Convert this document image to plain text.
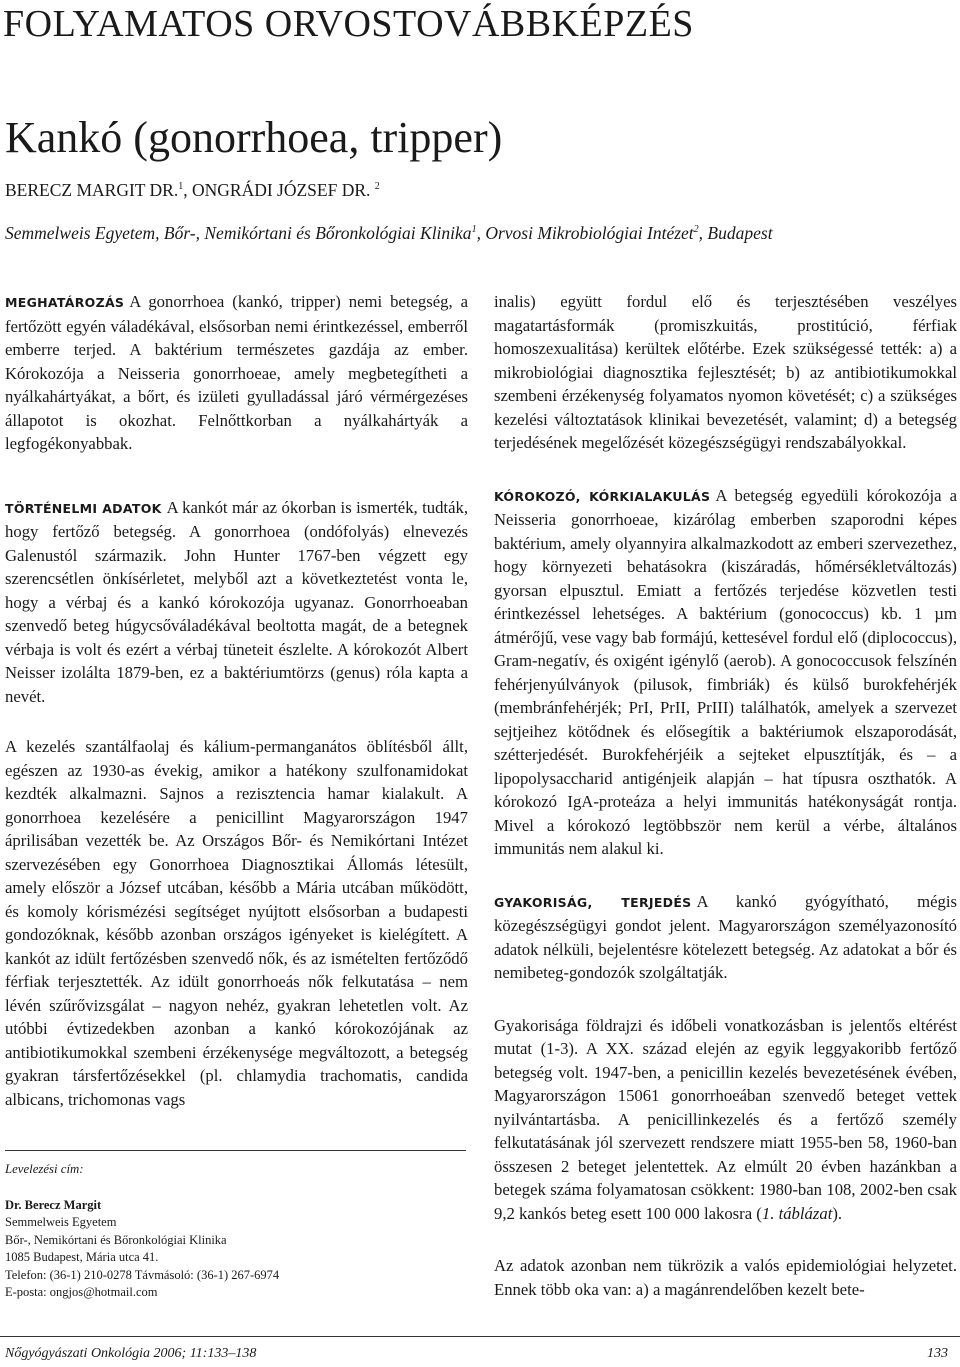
FOLYAMATOS ORVOSTOVÁBBKÉPZÉS
Kankó (gonorrhoea, tripper)
BERECZ MARGIT DR.$^1$, ONGRÁDI JÓZSEF DR. $^2$
Semmelweis Egyetem, Bőr-, Nemikórtani és Bőronkológiai Klinika$^1$, Orvosi Mikrobiológiai Intézet$^2$, Budapest

MEGHATÁROZÁS A gonorrhoea (kankó, tripper) nemi betegség, a fertőzött egyén váladékával, elsősorban nemi érintkezéssel, emberről emberre terjed. A baktérium természetes gazdája az ember. Kórokozója a Neisseria gonorrhoeae, amely megbetegítheti a nyálkahártyákat, a bőrt, és izületi gyulladással járó vérmérgezéses állapotot is okozhat. Felnőttkorban a nyálkahártyák a legfogékonyabbak.

TÖRTÉNELMI ADATOK A kankót már az ókorban is ismerték, tudták, hogy fertőző betegség. A gonorrhoea (ondófolyás) elnevezés Galenustól származik. John Hunter 1767-ben végzett egy szerencsétlen önkísérletet, melyből azt a következtetést vonta le, hogy a vérbaj és a kankó kórokozója ugyanaz. Gonorrhoeaban szenvedő beteg húgycsőváladékával beoltotta magát, de a betegnek vérbaja is volt és ezért a vérbaj tüneteit észlelte. A kórokozót Albert Neisser izolálta 1879-ben, ez a baktériumtörzs (genus) róla kapta a nevét.

A kezelés szantálfaolaj és kálium-permanganátos öblítésből állt, egészen az 1930-as évekig, amikor a hatékony szulfonamidokat kezdték alkalmazni. Sajnos a rezisztencia hamar kialakult. A gonorrhoea kezelésére a penicillint Magyarországon 1947 áprilisában vezették be. Az Országos Bőr- és Nemikórtani Intézet szervezésében egy Gonorrhoea Diagnosztikai Állomás létesült, amely először a József utcában, később a Mária utcában működött, és komoly kórismézési segítséget nyújtott elsősorban a budapesti gondozóknak, később azonban országos igényeket is kielégített. A kankót az idült fertőzésben szenvedő nők, és az ismételten fertőződő férfiak terjesztették. Az idült gonorrhoeás nők felkutatása – nem lévén szűrővizsgálat – nagyon nehéz, gyakran lehetetlen volt. Az utóbbi évtizedekben azonban a kankó kórokozójának az antibiotikumokkal szembeni érzékenysége megváltozott, a betegség gyakran társfertőzésekkel (pl. chlamydia trachomatis, candida albicans, trichomonas vags

Levelezési cím:
Dr. Berecz Margit
Semmelweis Egyetem
Bőr-, Nemikórtani és Bőronkológiai Klinika
1085 Budapest, Mária utca 41.
Telefon: (36-1) 210-0278 Távmásoló: (36-1) 267-6974
E-posta: ongjos@hotmail.com

inalis) együtt fordul elő és terjesztésében veszélyes magatartásformák (promiszkuitás, prostitúció, férfiak homoszexualitása) kerültek előtérbe. Ezek szükségessé tették: a) a mikrobiológiai diagnosztika fejlesztését; b) az antibiotikumokkal szembeni érzékenység folyamatos nyomon követését; c) a szükséges kezelési változtatások klinikai bevezetését, valamint; d) a betegség terjedésének megelőzését közegészségügyi rendszabályokkal.

KÓROKOZÓ, KÓRKIALAKULÁS A betegség egyedüli kórokozója a Neisseria gonorrhoeae, kizárólag emberben szaporodni képes baktérium, amely olyannyira alkalmazkodott az emberi szervezethez, hogy környezeti behatásokra (kiszáradás, hőmérsékletváltozás) gyorsan elpusztul. Emiatt a fertőzés terjedése közvetlen testi érintkezéssel lehetséges. A baktérium (gonococcus) kb. 1 µm átmérőjű, vese vagy bab formájú, kettesével fordul elő (diplococcus), Gram-negatív, és oxigént igénylő (aerob). A gonococcusok felszínén fehérjenyúlványok (pilusok, fimbriák) és külső burokfehérjék (membránfehérjék; PrI, PrII, PrIII) találhatók, amelyek a szervezet sejtjeihez kötődnek és elősegítik a baktériumok elszaporodását, szétterjedését. Burokfehérjéik a sejteket elpusztítják, és – a lipopolysaccharid antigénjeik alapján – hat típusra oszthatók. A kórokozó IgA-proteáza a helyi immunitás hatékonyságát rontja. Mivel a kórokozó legtöbbször nem kerül a vérbe, általános immunitás nem alakul ki.

GYAKORISÁG, TERJEDÉS A kankó gyógyítható, mégis közegészségügyi gondot jelent. Magyarországon személyazonosító adatok nélküli, bejelentésre kötelezett betegség. Az adatokat a bőr és nemibeteg-gondozók szolgáltatják.

Gyakorisága földrajzi és időbeli vonatkozásban is jelentős eltérést mutat (1-3). A XX. század elején az egyik leggyakoribb fertőző betegség volt. 1947-ben, a penicillin kezelés bevezetésének évében, Magyarországon 15061 gonorrhoeában szenvedő beteget vettek nyilvántartásba. A penicillinkezelés és a fertőző személy felkutatásának jól szervezett rendszere miatt 1955-ben 58, 1960-ban összesen 2 beteget jelentettek. Az elmúlt 20 évben hazánkban a betegek száma folyamatosan csökkent: 1980-ban 108, 2002-ben csak 9,2 kankós beteg esett 100 000 lakosra (1. táblázat).

Az adatok azonban nem tükrözik a valós epidemiológiai helyzetet. Ennek több oka van: a) a magánrendelőben kezelt bete-

Nőgyógyászati Onkológia 2006; 11:133–138	133
